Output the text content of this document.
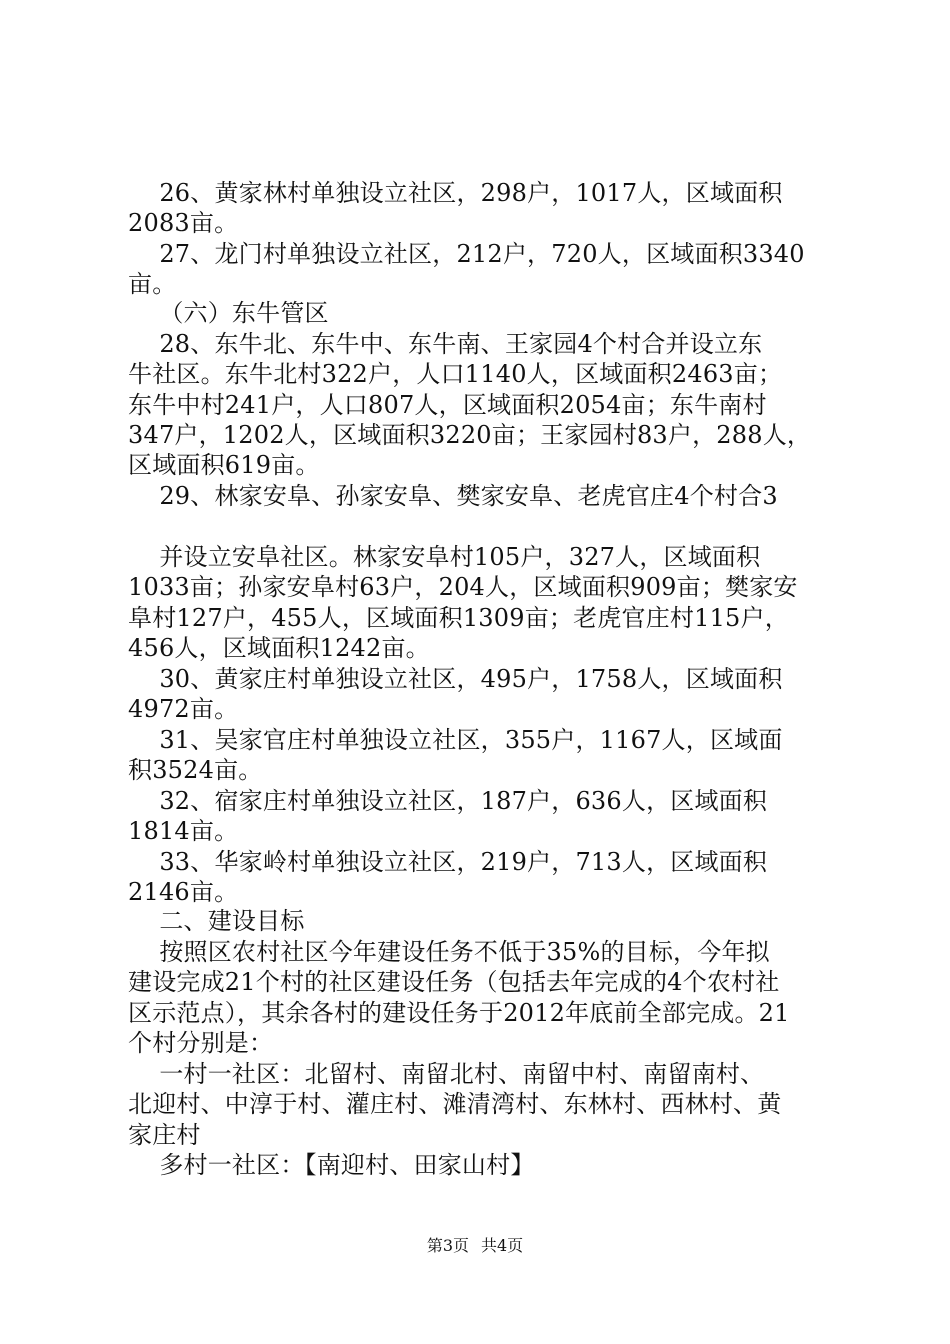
26、黄家林村单独设立社区，298户，1017人，区域面积
2083亩。
27、龙门村单独设立社区，212户，720人，区域面积3340
亩。
（六）东牛管区
28、东牛北、东牛中、东牛南、王家园4个村合并设立东
牛社区。东牛北村322户，人口1140人，区域面积2463亩；
东牛中村241户，人口807人，区域面积2054亩；东牛南村
347户，1202人，区域面积3220亩；王家园村83户，288人，
区域面积619亩。
29、林家安阜、孙家安阜、樊家安阜、老虎官庄4个村合3
并设立安阜社区。林家安阜村105户，327人，区域面积
1033亩；孙家安阜村63户，204人，区域面积909亩；樊家安
阜村127户，455人，区域面积1309亩；老虎官庄村115户，
456人，区域面积1242亩。
30、黄家庄村单独设立社区，495户，1758人，区域面积
4972亩。
31、吴家官庄村单独设立社区，355户，1167人，区域面
积3524亩。
32、宿家庄村单独设立社区，187户，636人，区域面积
1814亩。
33、华家岭村单独设立社区，219户，713人，区域面积
2146亩。
二、建设目标
按照区农村社区今年建设任务不低于35%的目标，今年拟
建设完成21个村的社区建设任务（包括去年完成的4个农村社
区示范点），其余各村的建设任务于2012年底前全部完成。21
个村分别是：
一村一社区：北留村、南留北村、南留中村、南留南村、
北迎村、中淳于村、灌庄村、滩清湾村、东林村、西林村、黄
家庄村
多村一社区：【南迎村、田家山村】
第3页 共4页
